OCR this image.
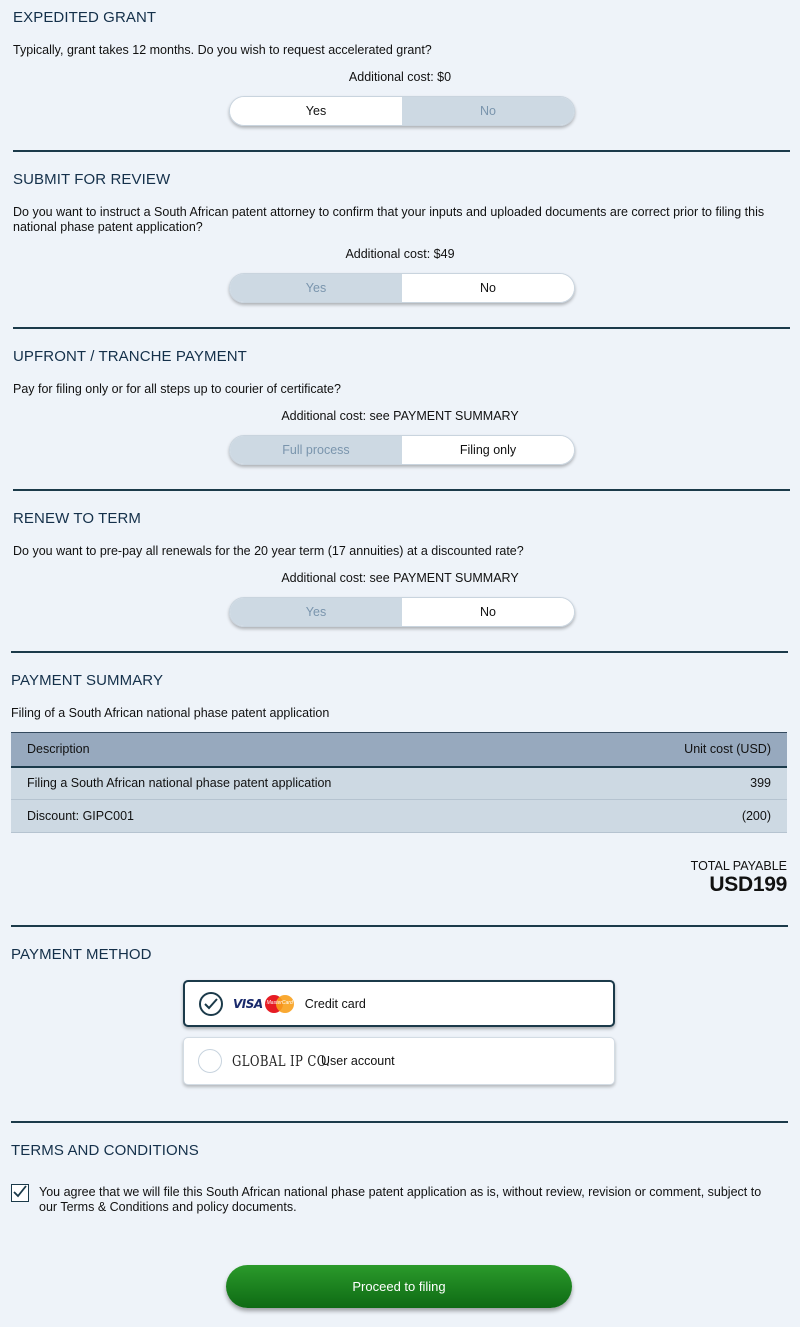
EXPEDITED GRANT
Typically, grant takes 12 months. Do you wish to request accelerated grant?
Additional cost: $0
Yes	No
SUBMIT FOR REVIEW
Do you want to instruct a South African patent attorney to confirm that your inputs and uploaded documents are correct prior to filing this national phase patent application?
Additional cost: $49
Yes	No
UPFRONT / TRANCHE PAYMENT
Pay for filing only or for all steps up to courier of certificate?
Additional cost: see PAYMENT SUMMARY
Full process	Filing only
RENEW TO TERM
Do you want to pre-pay all renewals for the 20 year term (17 annuities) at a discounted rate?
Additional cost: see PAYMENT SUMMARY
Yes	No
PAYMENT SUMMARY
Filing of a South African national phase patent application
Description	Unit cost (USD)
Filing a South African national phase patent application	399
Discount: GIPC001	(200)
TOTAL PAYABLE
USD199
PAYMENT METHOD
VISA MasterCard Credit card
GLOBAL IP CO.
User account
TERMS AND CONDITIONS
You agree that we will file this South African national phase patent application as is, without review, revision or comment, subject to our Terms & Conditions and policy documents.
Proceed to filing
